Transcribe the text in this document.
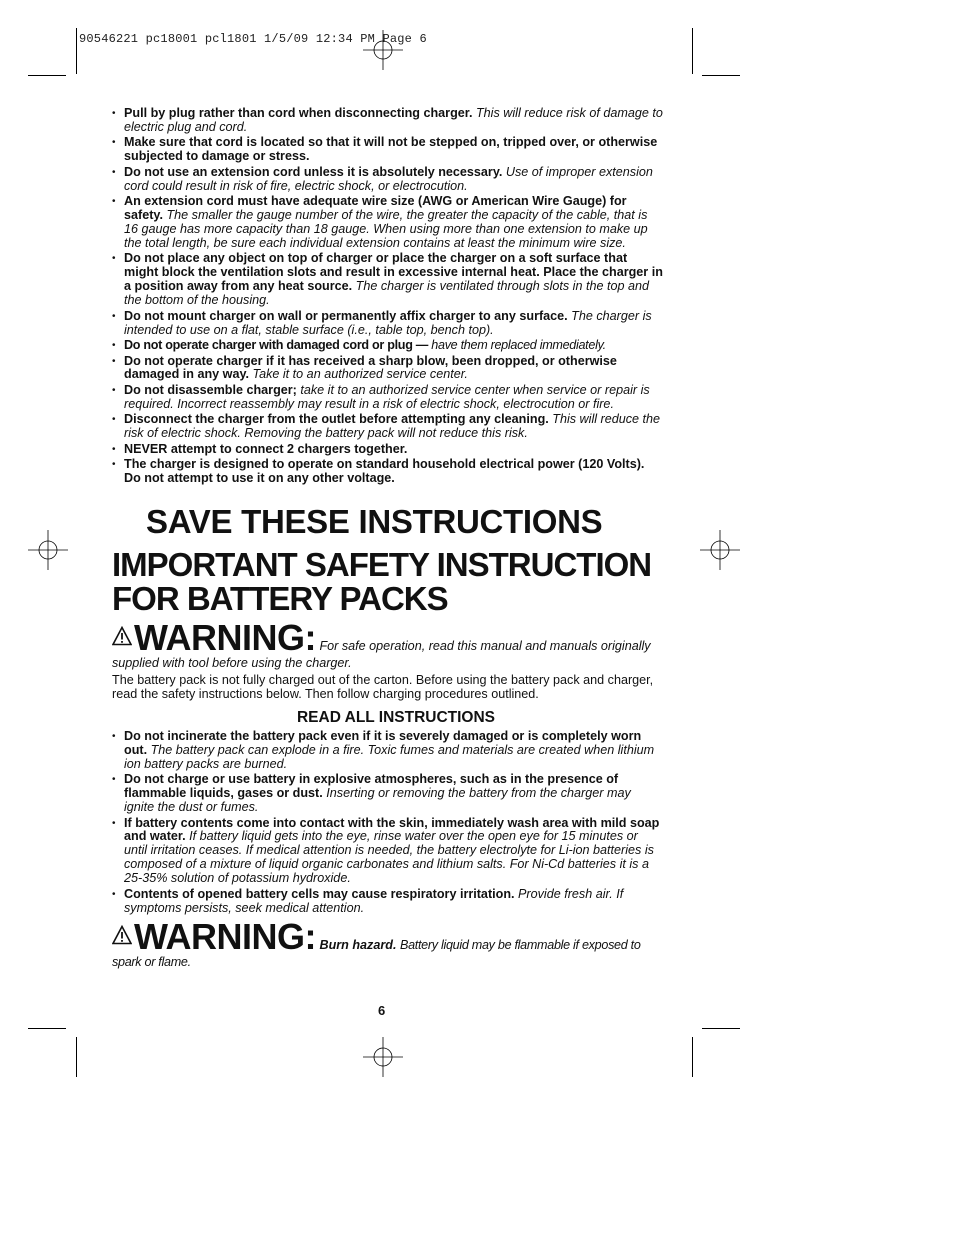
90546221 pc18001 pcl1801 1/5/09 12:34 PM Page 6
• Pull by plug rather than cord when disconnecting charger. This will reduce risk of damage to electric plug and cord.
• Make sure that cord is located so that it will not be stepped on, tripped over, or otherwise subjected to damage or stress.
• Do not use an extension cord unless it is absolutely necessary. Use of improper extension cord could result in risk of fire, electric shock, or electrocution.
• An extension cord must have adequate wire size (AWG or American Wire Gauge) for safety. The smaller the gauge number of the wire, the greater the capacity of the cable, that is 16 gauge has more capacity than 18 gauge. When using more than one extension to make up the total length, be sure each individual extension contains at least the minimum wire size.
• Do not place any object on top of charger or place the charger on a soft surface that might block the ventilation slots and result in excessive internal heat. Place the charger in a position away from any heat source. The charger is ventilated through slots in the top and the bottom of the housing.
• Do not mount charger on wall or permanently affix charger to any surface. The charger is intended to use on a flat, stable surface (i.e., table top, bench top).
• Do not operate charger with damaged cord or plug — have them replaced immediately.
• Do not operate charger if it has received a sharp blow, been dropped, or otherwise damaged in any way. Take it to an authorized service center.
• Do not disassemble charger; take it to an authorized service center when service or repair is required. Incorrect reassembly may result in a risk of electric shock, electrocution or fire.
• Disconnect the charger from the outlet before attempting any cleaning. This will reduce the risk of electric shock. Removing the battery pack will not reduce this risk.
• NEVER attempt to connect 2 chargers together.
• The charger is designed to operate on standard household electrical power (120 Volts). Do not attempt to use it on any other voltage.
SAVE THESE INSTRUCTIONS
IMPORTANT SAFETY INSTRUCTION
FOR BATTERY PACKS
WARNING: For safe operation, read this manual and manuals originally supplied with tool before using the charger.
The battery pack is not fully charged out of the carton. Before using the battery pack and charger, read the safety instructions below. Then follow charging procedures outlined.
READ ALL INSTRUCTIONS
• Do not incinerate the battery pack even if it is severely damaged or is completely worn out. The battery pack can explode in a fire. Toxic fumes and materials are created when lithium ion battery packs are burned.
• Do not charge or use battery in explosive atmospheres, such as in the presence of flammable liquids, gases or dust. Inserting or removing the battery from the charger may ignite the dust or fumes.
• If battery contents come into contact with the skin, immediately wash area with mild soap and water. If battery liquid gets into the eye, rinse water over the open eye for 15 minutes or until irritation ceases. If medical attention is needed, the battery electrolyte for Li-ion batteries is composed of a mixture of liquid organic carbonates and lithium salts. For Ni-Cd batteries it is a 25-35% solution of potassium hydroxide.
• Contents of opened battery cells may cause respiratory irritation. Provide fresh air. If symptoms persists, seek medical attention.
WARNING: Burn hazard. Battery liquid may be flammable if exposed to spark or flame.
6
